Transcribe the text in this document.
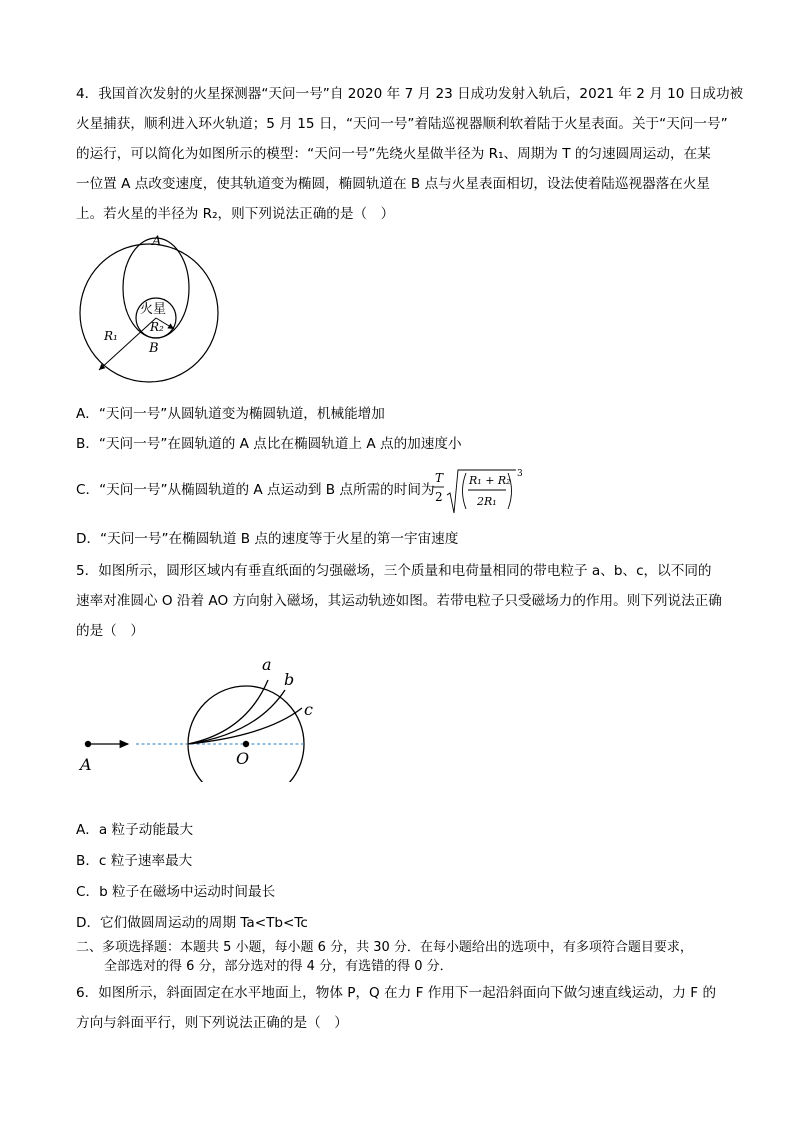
4．我国首次发射的火星探测器“天问一号”自 2020 年 7 月 23 日成功发射入轨后，2021 年 2 月 10 日成功被
火星捕获，顺利进入环火轨道；5 月 15 日，“天问一号”着陆巡视器顺利软着陆于火星表面。关于“天问一号”
的运行，可以简化为如图所示的模型：“天问一号”先绕火星做半径为 R₁、周期为 T 的匀速圆周运动，在某
一位置 A 点改变速度，使其轨道变为椭圆，椭圆轨道在 B 点与火星表面相切，设法使着陆巡视器落在火星
上。若火星的半径为 R₂，则下列说法正确的是（　）
A
火星
R₂
R₁
B
A．“天问一号”从圆轨道变为椭圆轨道，机械能增加
B．“天问一号”在圆轨道的 A 点比在椭圆轨道上 A 点的加速度小
C．“天问一号”从椭圆轨道的 A 点运动到 B 点所需的时间为
T
2
R₁ + R₂
2R₁
3
D．“天问一号”在椭圆轨道 B 点的速度等于火星的第一宇宙速度
5．如图所示，圆形区域内有垂直纸面的匀强磁场，三个质量和电荷量相同的带电粒子 a、b、c，以不同的
速率对准圆心 O 沿着 AO 方向射入磁场，其运动轨迹如图。若带电粒子只受磁场力的作用。则下列说法正确
的是（　）
a
b
c
A	O
A．a 粒子动能最大
B．c 粒子速率最大
C．b 粒子在磁场中运动时间最长
D．它们做圆周运动的周期 Ta<Tb<Tc
二、多项选择题：本题共 5 小题，每小题 6 分，共 30 分．在每小题给出的选项中，有多项符合题目要求，
全部选对的得 6 分，部分选对的得 4 分，有选错的得 0 分．
6．如图所示，斜面固定在水平地面上，物体 P，Q 在力 F 作用下一起沿斜面向下做匀速直线运动，力 F 的
方向与斜面平行，则下列说法正确的是（　）
